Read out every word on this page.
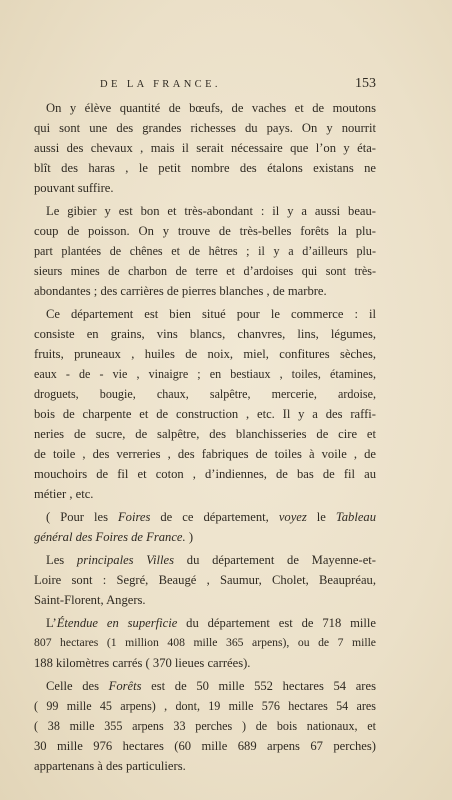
DE LA FRANCE.	153
On y élève quantité de bœufs, de vaches et de moutons
qui sont une des grandes richesses du pays. On y nourrit
aussi des chevaux , mais il serait nécessaire que l’on y éta-
blît des haras , le petit nombre des étalons existans ne
pouvant suffire.
Le gibier y est bon et très-abondant : il y a aussi beau-
coup de poisson. On y trouve de très-belles forêts la plu-
part plantées de chênes et de hêtres ; il y a d’ailleurs plu-
sieurs mines de charbon de terre et d’ardoises qui sont très-
abondantes ; des carrières de pierres blanches , de marbre.
Ce département est bien situé pour le commerce : il
consiste en grains, vins blancs, chanvres, lins, légumes,
fruits, pruneaux , huiles de noix, miel, confitures sèches,
eaux - de - vie , vinaigre ; en bestiaux , toiles, étamines,
droguets, bougie, chaux, salpêtre, mercerie, ardoise,
bois de charpente et de construction , etc. Il y a des raffi-
neries de sucre, de salpêtre, des blanchisseries de cire et
de toile , des verreries , des fabriques de toiles à voile , de
mouchoirs de fil et coton , d’indiennes, de bas de fil au
métier , etc.
( Pour les Foires de ce département, voyez le Tableau
général des Foires de France. )
Les principales Villes du département de Mayenne-et-
Loire sont : Segré, Beaugé , Saumur, Cholet, Beaupréau,
Saint-Florent, Angers.
L’Étendue en superficie du département est de 718 mille
807 hectares (1 million 408 mille 365 arpens), ou de 7 mille
188 kilomètres carrés ( 370 lieues carrées).
Celle des Forêts est de 50 mille 552 hectares 54 ares
( 99 mille 45 arpens) , dont, 19 mille 576 hectares 54 ares
( 38 mille 355 arpens 33 perches ) de bois nationaux, et
30 mille 976 hectares (60 mille 689 arpens 67 perches)
appartenans à des particuliers.
